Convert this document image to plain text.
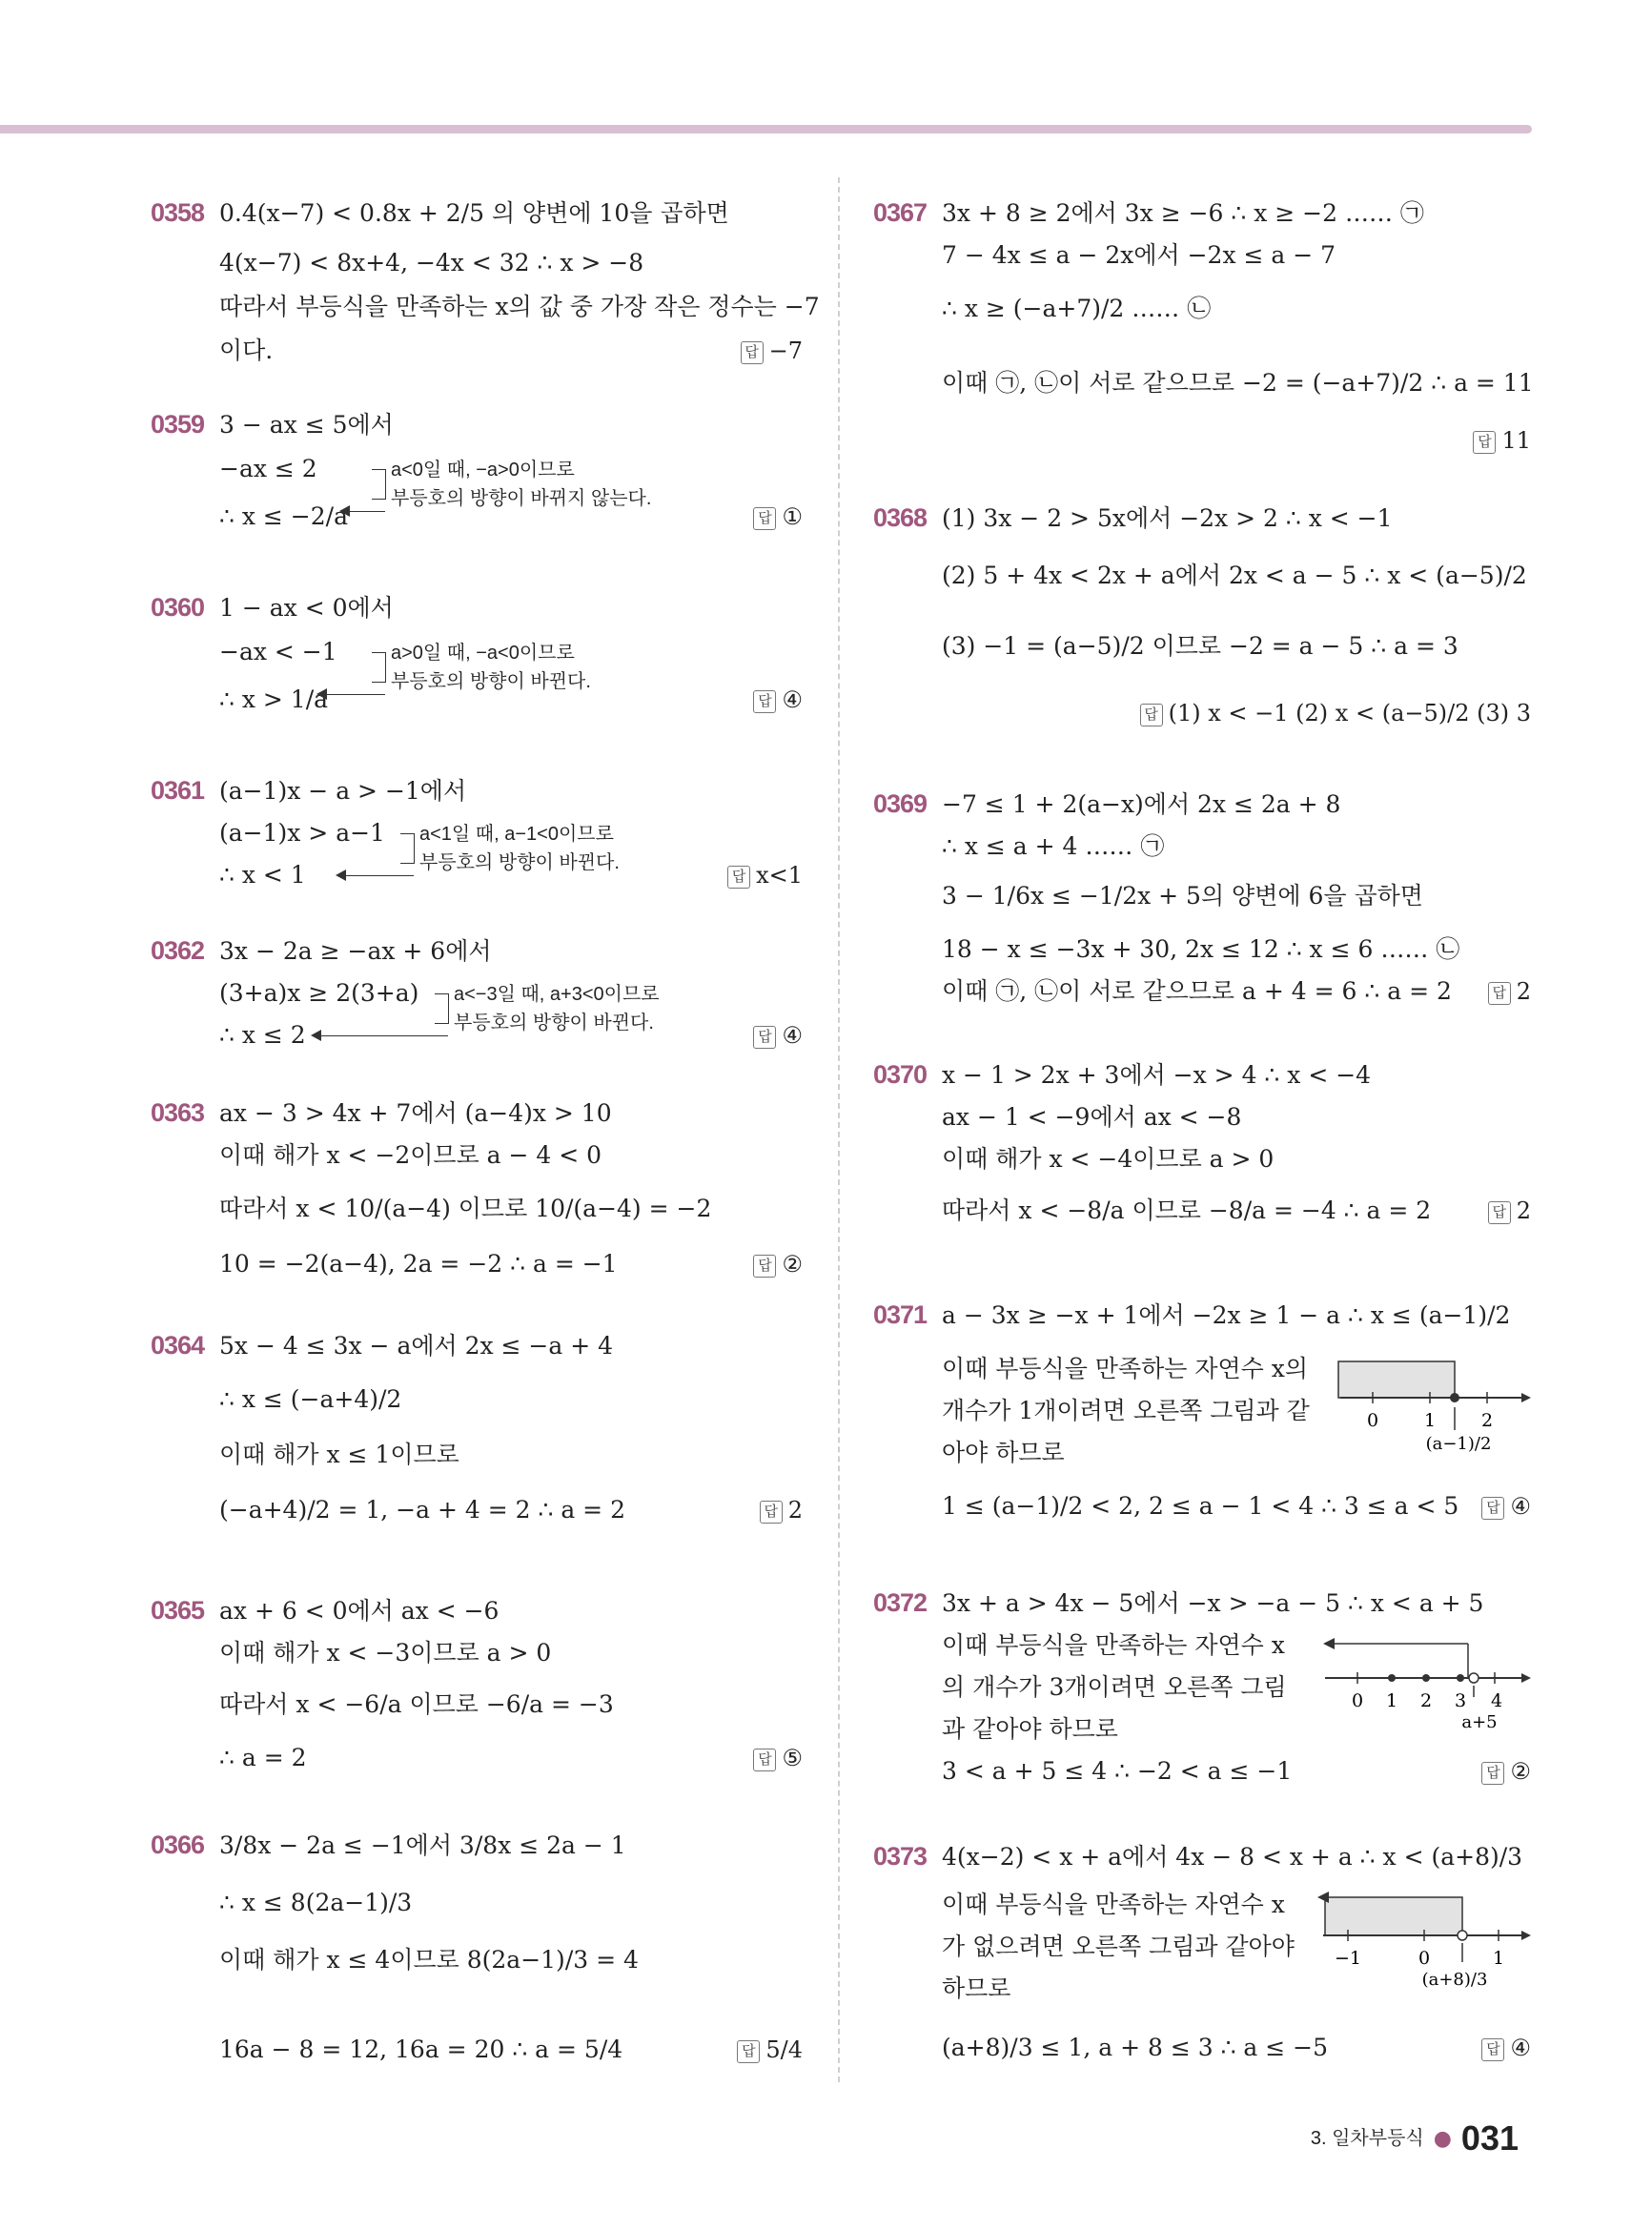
0358 0.4(x−7) < 0.8x + 2/5 의 양변에 10을 곱하면
4(x−7) < 8x+4, −4x < 32 ∴ x > −8
따라서 부등식을 만족하는 x의 값 중 가장 작은 정수는 −7
이다.	답 −7
0359 3 − ax ≤ 5에서
−ax ≤ 2
∴ x ≤ −2/a
a<0일 때, −a>0이므로
부등호의 방향이 바뀌지 않는다.
답 ①
0360 1 − ax < 0에서
−ax < −1
∴ x > 1/a
a>0일 때, −a<0이므로
부등호의 방향이 바뀐다.
답 ④
0361 (a−1)x − a > −1에서
(a−1)x > a−1
∴ x < 1
a<1일 때, a−1<0이므로
부등호의 방향이 바뀐다.
답 x<1
0362 3x − 2a ≥ −ax + 6에서
(3+a)x ≥ 2(3+a)
∴ x ≤ 2
a<−3일 때, a+3<0이므로
부등호의 방향이 바뀐다.
답 ④
0363 ax − 3 > 4x + 7에서 (a−4)x > 10
이때 해가 x < −2이므로 a − 4 < 0
따라서 x < 10/(a−4) 이므로 10/(a−4) = −2
10 = −2(a−4), 2a = −2 ∴ a = −1	답 ②
0364 5x − 4 ≤ 3x − a에서 2x ≤ −a + 4
∴ x ≤ (−a+4)/2
이때 해가 x ≤ 1이므로
(−a+4)/2 = 1, −a + 4 = 2 ∴ a = 2	답 2
0365 ax + 6 < 0에서 ax < −6
이때 해가 x < −3이므로 a > 0
따라서 x < −6/a 이므로 −6/a = −3
∴ a = 2	답 ⑤
0366 3/8x − 2a ≤ −1에서 3/8x ≤ 2a − 1
∴ x ≤ 8(2a−1)/3
이때 해가 x ≤ 4이므로 8(2a−1)/3 = 4
16a − 8 = 12, 16a = 20 ∴ a = 5/4	답 5/4
0367 3x + 8 ≥ 2에서 3x ≥ −6 ∴ x ≥ −2 …… ㉠
7 − 4x ≤ a − 2x에서 −2x ≤ a − 7
∴ x ≥ (−a+7)/2 …… ㉡
이때 ㉠, ㉡이 서로 같으므로 −2 = (−a+7)/2 ∴ a = 11
답 11
0368 (1) 3x − 2 > 5x에서 −2x > 2 ∴ x < −1
(2) 5 + 4x < 2x + a에서 2x < a − 5 ∴ x < (a−5)/2
(3) −1 = (a−5)/2 이므로 −2 = a − 5 ∴ a = 3
답 (1) x < −1 (2) x < (a−5)/2 (3) 3
0369 −7 ≤ 1 + 2(a−x)에서 2x ≤ 2a + 8
∴ x ≤ a + 4 …… ㉠
3 − 1/6x ≤ −1/2x + 5의 양변에 6을 곱하면
18 − x ≤ −3x + 30, 2x ≤ 12 ∴ x ≤ 6 …… ㉡
이때 ㉠, ㉡이 서로 같으므로 a + 4 = 6 ∴ a = 2	답 2
0370 x − 1 > 2x + 3에서 −x > 4 ∴ x < −4
ax − 1 < −9에서 ax < −8
이때 해가 x < −4이므로 a > 0
따라서 x < −8/a 이므로 −8/a = −4 ∴ a = 2	답 2
0371 a − 3x ≥ −x + 1에서 −2x ≥ 1 − a ∴ x ≤ (a−1)/2
이때 부등식을 만족하는 자연수 x의
개수가 1개이려면 오른쪽 그림과 같
아야 하므로
1 ≤ (a−1)/2 < 2, 2 ≤ a − 1 < 4 ∴ 3 ≤ a < 5
0	1	2
(a−1)/2
답 ④
0372 3x + a > 4x − 5에서 −x > −a − 5 ∴ x < a + 5
이때 부등식을 만족하는 자연수 x
의 개수가 3개이려면 오른쪽 그림
과 같아야 하므로
3 < a + 5 ≤ 4 ∴ −2 < a ≤ −1
0 1 2 3 4
a+5
답 ②
0373 4(x−2) < x + a에서 4x − 8 < x + a ∴ x < (a+8)/3
이때 부등식을 만족하는 자연수 x
가 없으려면 오른쪽 그림과 같아야
하므로
(a+8)/3 ≤ 1, a + 8 ≤ 3 ∴ a ≤ −5
−1	0	1
(a+8)/3
답 ④
3. 일차부등식 ● 031
